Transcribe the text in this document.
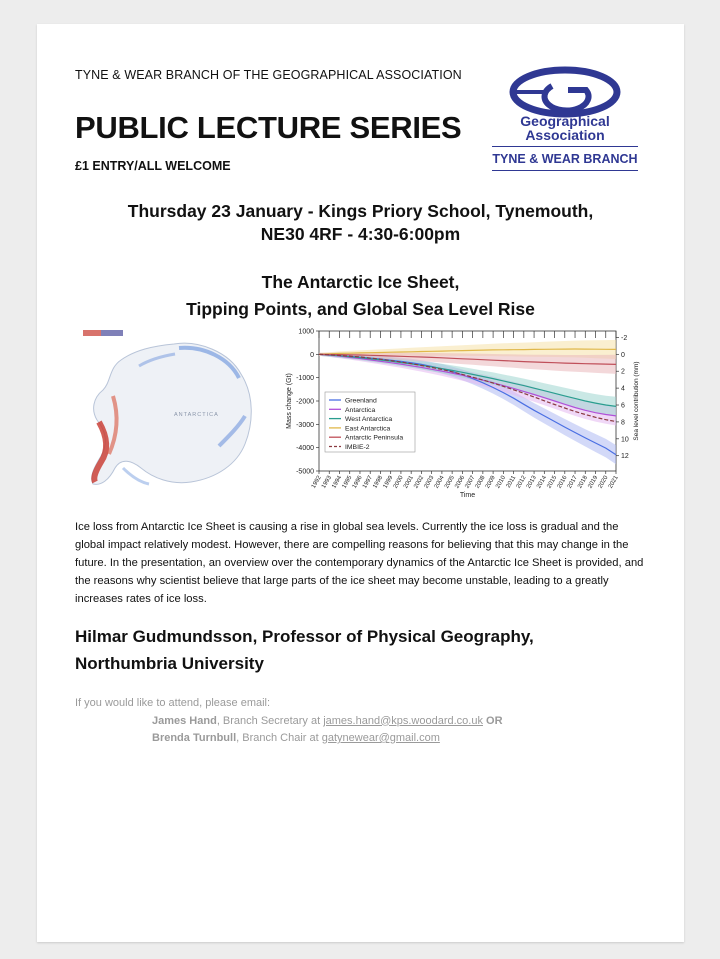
TYNE & WEAR BRANCH OF THE GEOGRAPHICAL ASSOCIATION
PUBLIC LECTURE SERIES
£1 ENTRY/ALL WELCOME
Geographical
Association
TYNE & WEAR BRANCH
Thursday 23 January - Kings Priory School, Tynemouth,
NE30 4RF - 4:30-6:00pm
The Antarctic Ice Sheet,
Tipping Points, and Global Sea Level Rise
ANTARCTICA
1000
0
-1000
-2000
-3000
-4000
-5000
-2
0
2
4
6
8
10
12
1992
1993
1994
1995
1996
1997
1998
1999
2000
2001
2002
2003
2004
2005
2006
2007
2008
2009
2010
2011
2012
2013
2014
2015
2016
2017
2018
2019
2020
2021
Time
Mass change (Gt)	Sea level contribution (mm)
Greenland
Antarctica
West Antarctica
East Antarctica
Antarctic Peninsula
IMBIE-2
Ice loss from Antarctic Ice Sheet is causing a rise in global sea levels. Currently the ice loss is gradual and the global impact relatively modest. However, there are compelling reasons for believing that this may change in the future. In the presentation, an overview over the contemporary dynamics of the Antarctic Ice Sheet is provided, and the reasons why scientist believe that large parts of the ice sheet may become unstable, leading to a greatly increases rates of ice loss.
Hilmar Gudmundsson, Professor of Physical Geography,
Northumbria University
If you would like to attend, please email:
James Hand, Branch Secretary at james.hand@kps.woodard.co.uk OR
Brenda Turnbull, Branch Chair at gatynewear@gmail.com
